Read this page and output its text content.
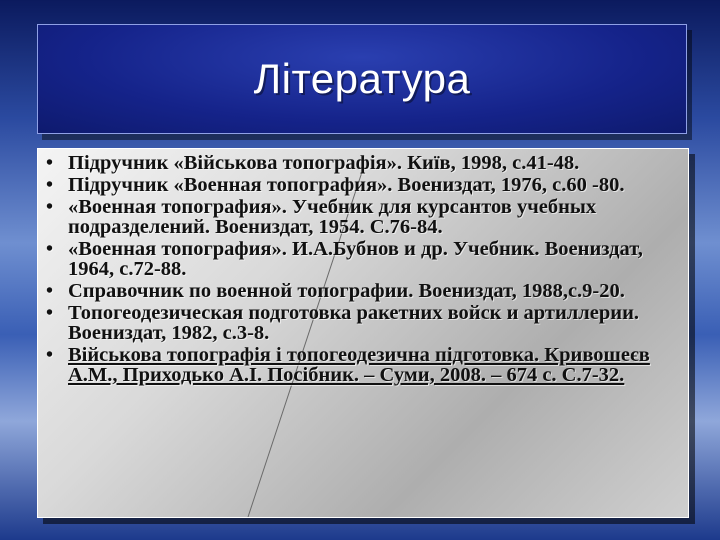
Література
• Підручник «Військова топографія». Київ, 1998, с.41-48.
• Підручник «Военная топография». Воениздат, 1976, с.60 -80.
• «Военная топография». Учебник для курсантов учебных подразделений. Воениздат, 1954. С.76-84.
• «Военная топография». И.А.Бубнов и др. Учебник. Воениздат, 1964, с.72-88.
• Справочник по военной топографии. Воениздат, 1988,с.9-20.
• Топогеодезическая подготовка ракетних войск и артиллерии. Воениздат, 1982, с.3-8.
• Військова топографія і топогеодезична підготовка. Кривошеєв А.М., Приходько А.І. Посібник. – Суми, 2008. – 674 с. С.7-32.
